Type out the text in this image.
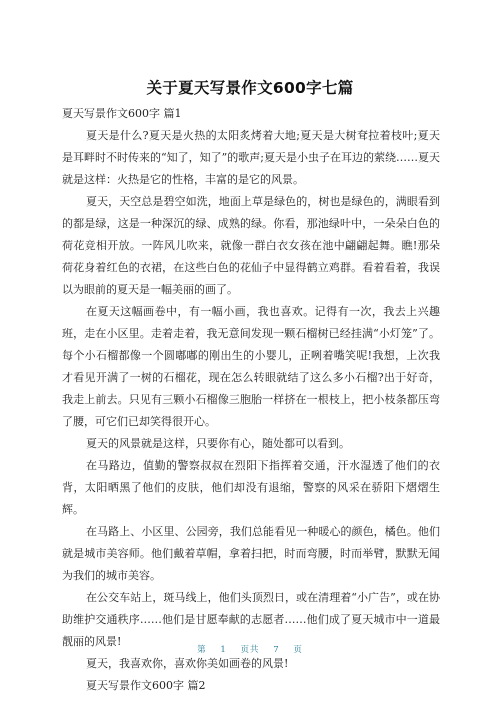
关于夏天写景作文600字七篇

夏天写景作文600字 篇1

夏天是什么?夏天是火热的太阳炙烤着大地;夏天是大树耷拉着枝叶;夏天是耳畔时不时传来的“知了，知了”的歌声;夏天是小虫子在耳边的萦绕……夏天就是这样：火热是它的性格，丰富的是它的风景。

夏天，天空总是碧空如洗，地面上草是绿色的，树也是绿色的，满眼看到的都是绿，这是一种深沉的绿、成熟的绿。你看，那池绿叶中，一朵朵白色的荷花竞相开放。一阵风儿吹来，就像一群白衣女孩在池中翩翩起舞。瞧!那朵荷花身着红色的衣裙，在这些白色的花仙子中显得鹤立鸡群。看着看着，我误以为眼前的夏天是一幅美丽的画了。

在夏天这幅画卷中，有一幅小画，我也喜欢。记得有一次，我去上兴趣班，走在小区里。走着走着，我无意间发现一颗石榴树已经挂满“小灯笼”了。每个小石榴都像一个圆嘟嘟的刚出生的小婴儿，正咧着嘴笑呢!我想，上次我才看见开满了一树的石榴花，现在怎么转眼就结了这么多小石榴?出于好奇，我走上前去。只见有三颗小石榴像三胞胎一样挤在一根枝上，把小枝条都压弯了腰，可它们已却笑得很开心。

夏天的风景就是这样，只要你有心，随处都可以看到。

在马路边，值勤的警察叔叔在烈阳下指挥着交通，汗水湿透了他们的衣背，太阳晒黑了他们的皮肤，他们却没有退缩，警察的风采在骄阳下熠熠生辉。

在马路上、小区里、公园旁，我们总能看见一种暖心的颜色，橘色。他们就是城市美容师。他们戴着草帽，拿着扫把，时而弯腰，时而举臂，默默无闻为我们的城市美容。

在公交车站上，斑马线上，他们头顶烈日，或在清理着“小广告”，或在协助维护交通秩序……他们是甘愿奉献的志愿者……他们成了夏天城市中一道最靓丽的风景!

夏天，我喜欢你，喜欢你美如画卷的风景!

夏天写景作文600字 篇2

第 1 页共 7 页
